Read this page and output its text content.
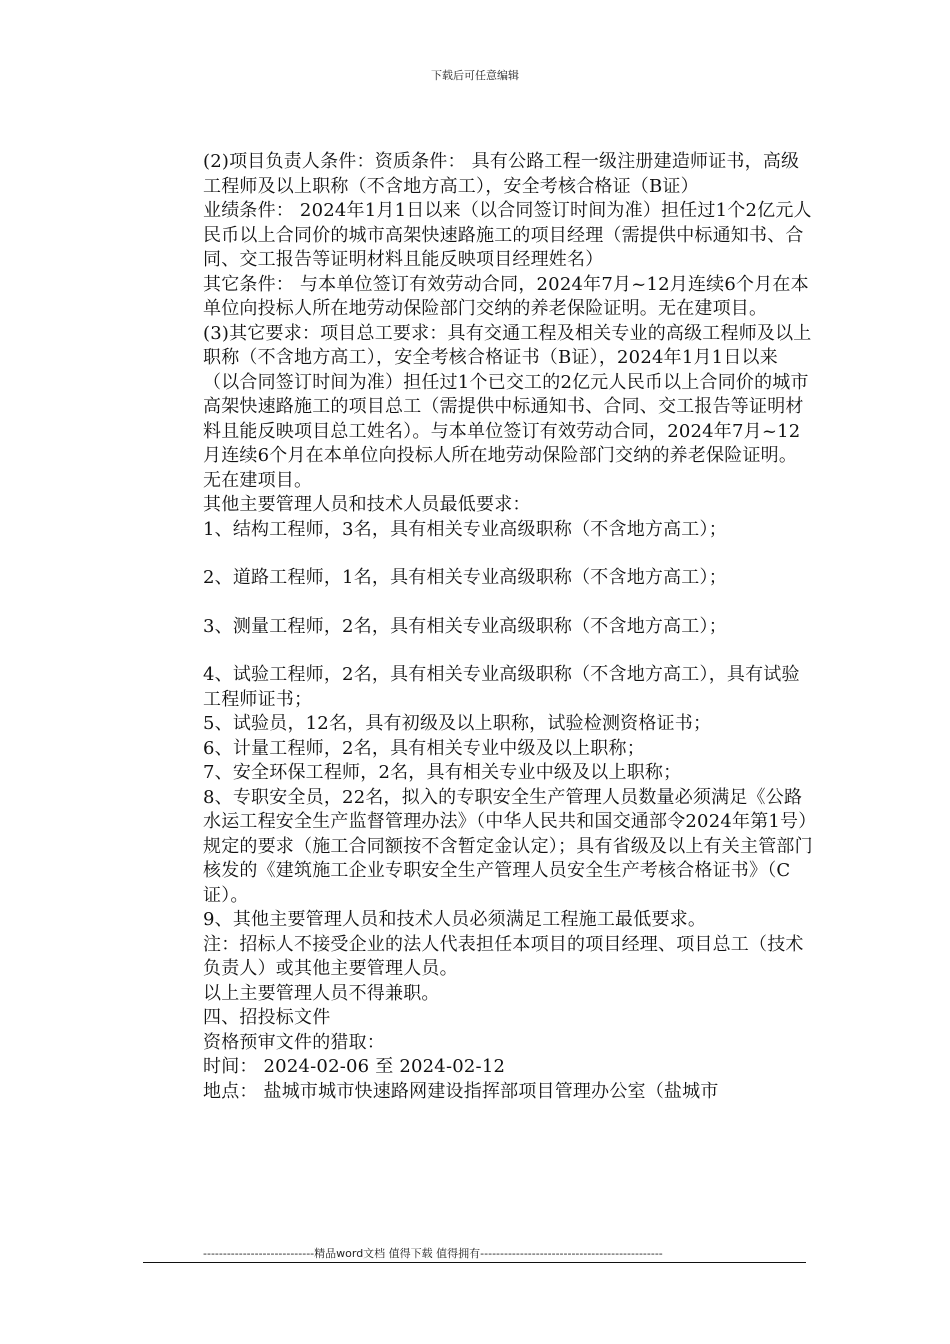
下载后可任意编辑

(2)项目负责人条件：资质条件： 具有公路工程一级注册建造师证书，高级工程师及以上职称（不含地方高工），安全考核合格证（B证）

业绩条件： 2024年1月1日以来（以合同签订时间为准）担任过1个2亿元人民币以上合同价的城市高架快速路施工的项目经理（需提供中标通知书、合同、交工报告等证明材料且能反映项目经理姓名）

其它条件： 与本单位签订有效劳动合同，2024年7月~12月连续6个月在本单位向投标人所在地劳动保险部门交纳的养老保险证明。无在建项目。

(3)其它要求：项目总工要求：具有交通工程及相关专业的高级工程师及以上职称（不含地方高工），安全考核合格证书（B证），2024年1月1日以来（以合同签订时间为准）担任过1个已交工的2亿元人民币以上合同价的城市高架快速路施工的项目总工（需提供中标通知书、合同、交工报告等证明材料且能反映项目总工姓名）。与本单位签订有效劳动合同，2024年7月~12月连续6个月在本单位向投标人所在地劳动保险部门交纳的养老保险证明。无在建项目。

其他主要管理人员和技术人员最低要求：

1、结构工程师，3名，具有相关专业高级职称（不含地方高工）；

2、道路工程师，1名，具有相关专业高级职称（不含地方高工）；

3、测量工程师，2名，具有相关专业高级职称（不含地方高工）；

4、试验工程师，2名，具有相关专业高级职称（不含地方高工），具有试验工程师证书；

5、试验员，12名，具有初级及以上职称，试验检测资格证书；

6、计量工程师，2名，具有相关专业中级及以上职称；

7、安全环保工程师，2名，具有相关专业中级及以上职称；

8、专职安全员，22名，拟入的专职安全生产管理人员数量必须满足《公路水运工程安全生产监督管理办法》（中华人民共和国交通部令2024年第1号）规定的要求（施工合同额按不含暂定金认定）；具有省级及以上有关主管部门核发的《建筑施工企业专职安全生产管理人员安全生产考核合格证书》（C证）。

9、其他主要管理人员和技术人员必须满足工程施工最低要求。

注：招标人不接受企业的法人代表担任本项目的项目经理、项目总工（技术负责人）或其他主要管理人员。

以上主要管理人员不得兼职。

四、招投标文件

资格预审文件的猎取：

时间： 2024-02-06 至 2024-02-12

地点： 盐城市城市快速路网建设指挥部项目管理办公室（盐城市

----------------------------精品word文档 值得下载 值得拥有----------------------------------------------
